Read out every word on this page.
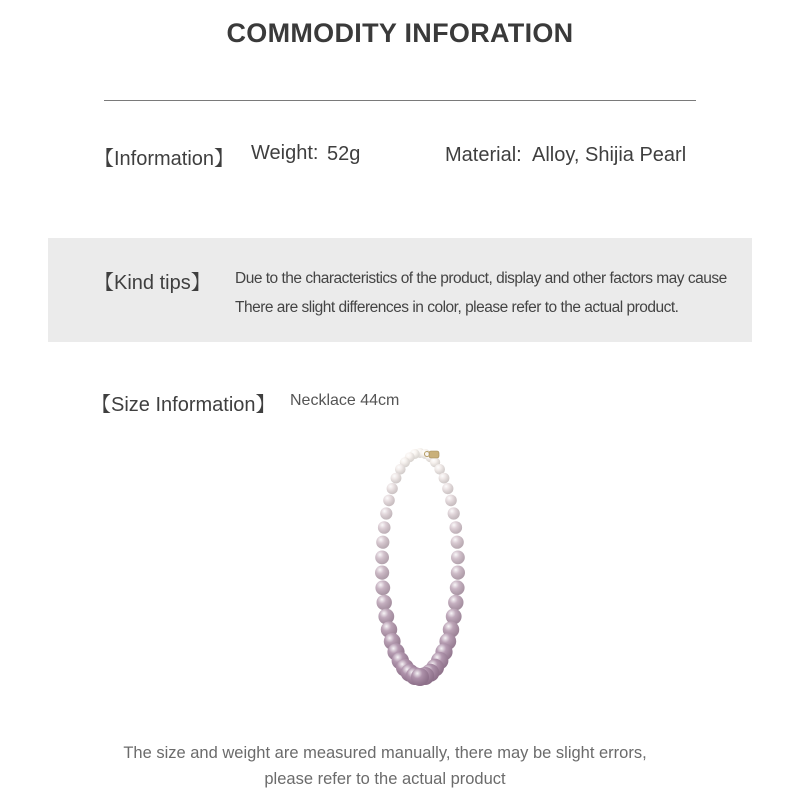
COMMODITY INFORATION
【Information】 Weight: 52g	Material: Alloy, Shijia Pearl
【Kind tips】 Due to the characteristics of the product, display and other factors may cause
There are slight differences in color, please refer to the actual product.
【Size Information】 Necklace 44cm
The size and weight are measured manually, there may be slight errors,
please refer to the actual product
